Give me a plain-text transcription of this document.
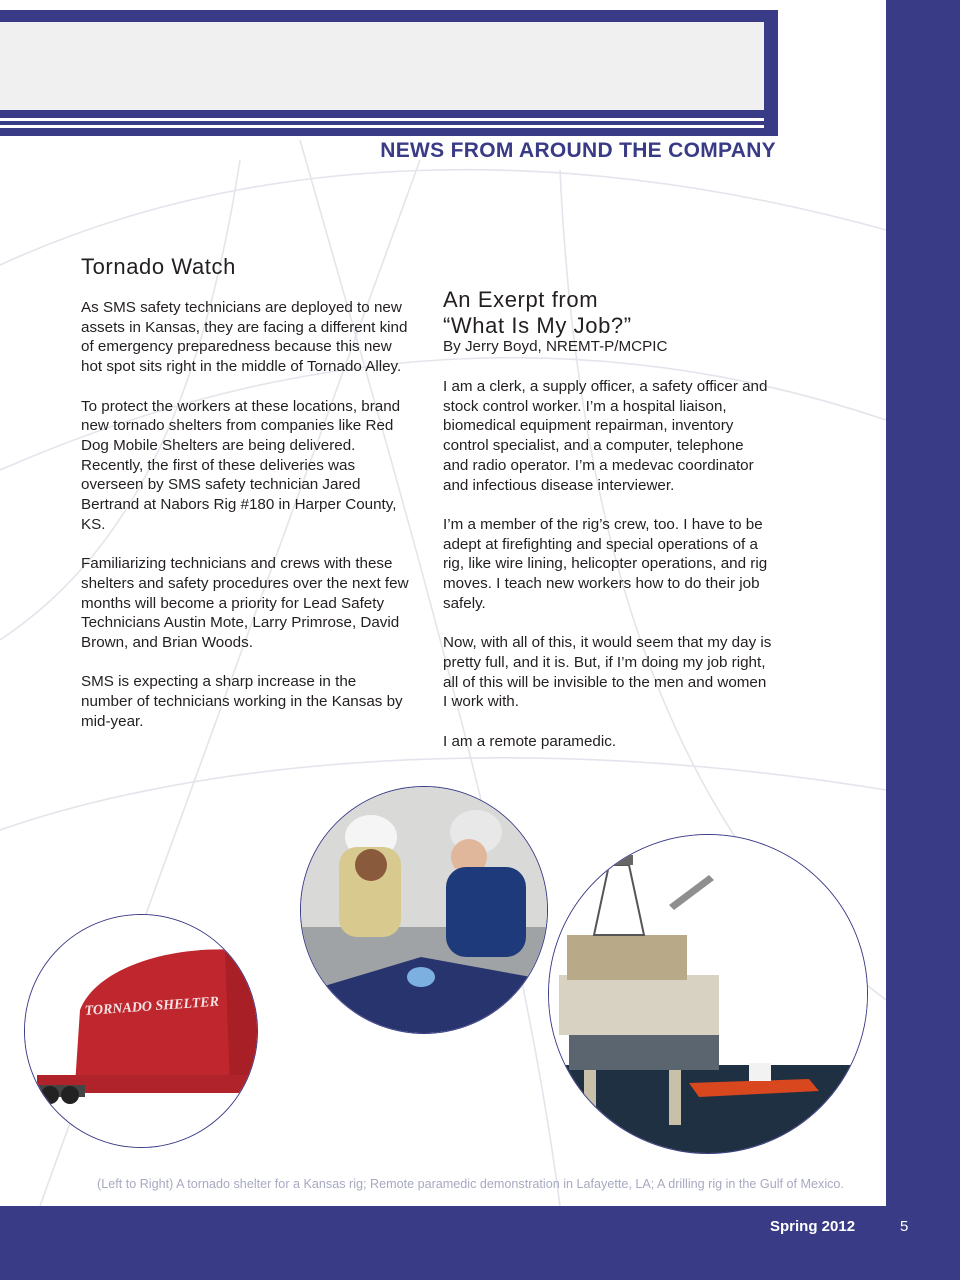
NEWS FROM AROUND THE COMPANY
Tornado Watch

As SMS safety technicians are deployed to new assets in Kansas, they are facing a different kind of emergency preparedness because this new hot spot sits right in the middle of Tornado Alley.

To protect the workers at these locations, brand new tornado shelters from companies like Red Dog Mobile Shelters are being delivered. Recently, the first of these deliveries was overseen by SMS safety technician Jared Bertrand at Nabors Rig #180 in Harper County, KS.

Familiarizing technicians and crews with these shelters and safety procedures over the next few months will become a priority for Lead Safety Technicians Austin Mote, Larry Primrose, David Brown, and Brian Woods.

SMS is expecting a sharp increase in the number of technicians working in the Kansas by mid-year.

An Exerpt from
“What Is My Job?”
By Jerry Boyd, NREMT-P/MCPIC

I am a clerk, a supply officer, a safety officer and stock control worker. I’m a hospital liaison, biomedical equipment repairman, inventory control specialist, and a computer, telephone and radio operator. I’m a medevac coordinator and infectious disease interviewer.

I’m a member of the rig’s crew, too. I have to be adept at firefighting and special operations of a rig, like wire lining, helicopter operations, and rig moves. I teach new workers how to do their job safely.

Now, with all of this, it would seem that my day is pretty full, and it is. But, if I’m doing my job right, all of this will be invisible to the men and women I work with.

I am a remote paramedic.

TORNADO SHELTER
(Left to Right) A tornado shelter for a Kansas rig; Remote paramedic demonstration in Lafayette, LA; A drilling rig in the Gulf of Mexico.
Spring 2012	5
